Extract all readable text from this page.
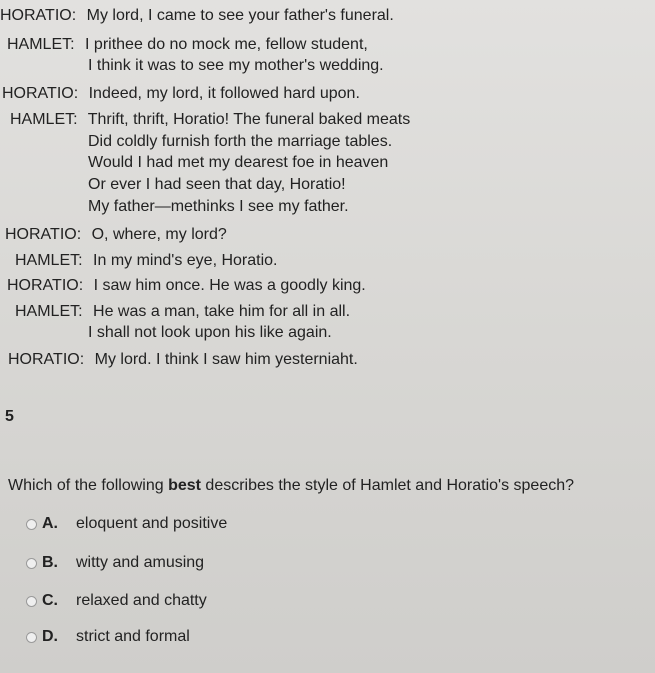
HORATIO: My lord, I came to see your father's funeral.
HAMLET: I prithee do no mock me, fellow student,
I think it was to see my mother's wedding.
HORATIO: Indeed, my lord, it followed hard upon.
HAMLET: Thrift, thrift, Horatio! The funeral baked meats
Did coldly furnish forth the marriage tables.
Would I had met my dearest foe in heaven
Or ever I had seen that day, Horatio!
My father—methinks I see my father.
HORATIO: O, where, my lord?
HAMLET: In my mind's eye, Horatio.
HORATIO: I saw him once. He was a goodly king.
HAMLET: He was a man, take him for all in all.
I shall not look upon his like again.
HORATIO: My lord. I think I saw him yesterniaht.
5
Which of the following best describes the style of Hamlet and Horatio's speech?
A.	eloquent and positive
B.	witty and amusing
C.	relaxed and chatty
D.	strict and formal
